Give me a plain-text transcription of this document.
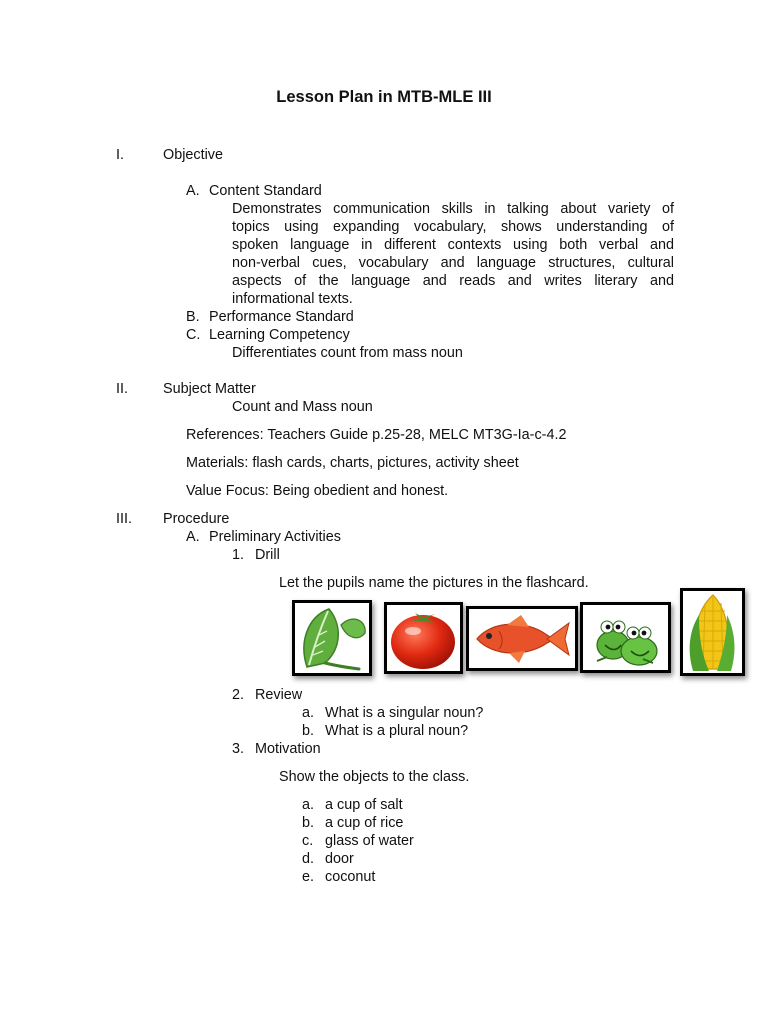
Lesson Plan in MTB-MLE III
I.	Objective
A. Content Standard
Demonstrates communication skills in talking about variety of
topics using expanding vocabulary, shows understanding of
spoken language in different contexts using both verbal and
non-verbal cues, vocabulary and language structures, cultural
aspects of the language and reads and writes literary and
informational texts.
B. Performance Standard
C. Learning Competency
Differentiates count from mass noun
II. Subject Matter
Count and Mass noun
References: Teachers Guide p.25-28, MELC MT3G-Ia-c-4.2
Materials: flash cards, charts, pictures, activity sheet
Value Focus: Being obedient and honest.
III. Procedure
A. Preliminary Activities
1. Drill
Let the pupils name the pictures in the flashcard.
2. Review
a. What is a singular noun?
b. What is a plural noun?
3. Motivation
Show the objects to the class.
a. a cup of salt
b. a cup of rice
c. glass of water
d. door
e. coconut
